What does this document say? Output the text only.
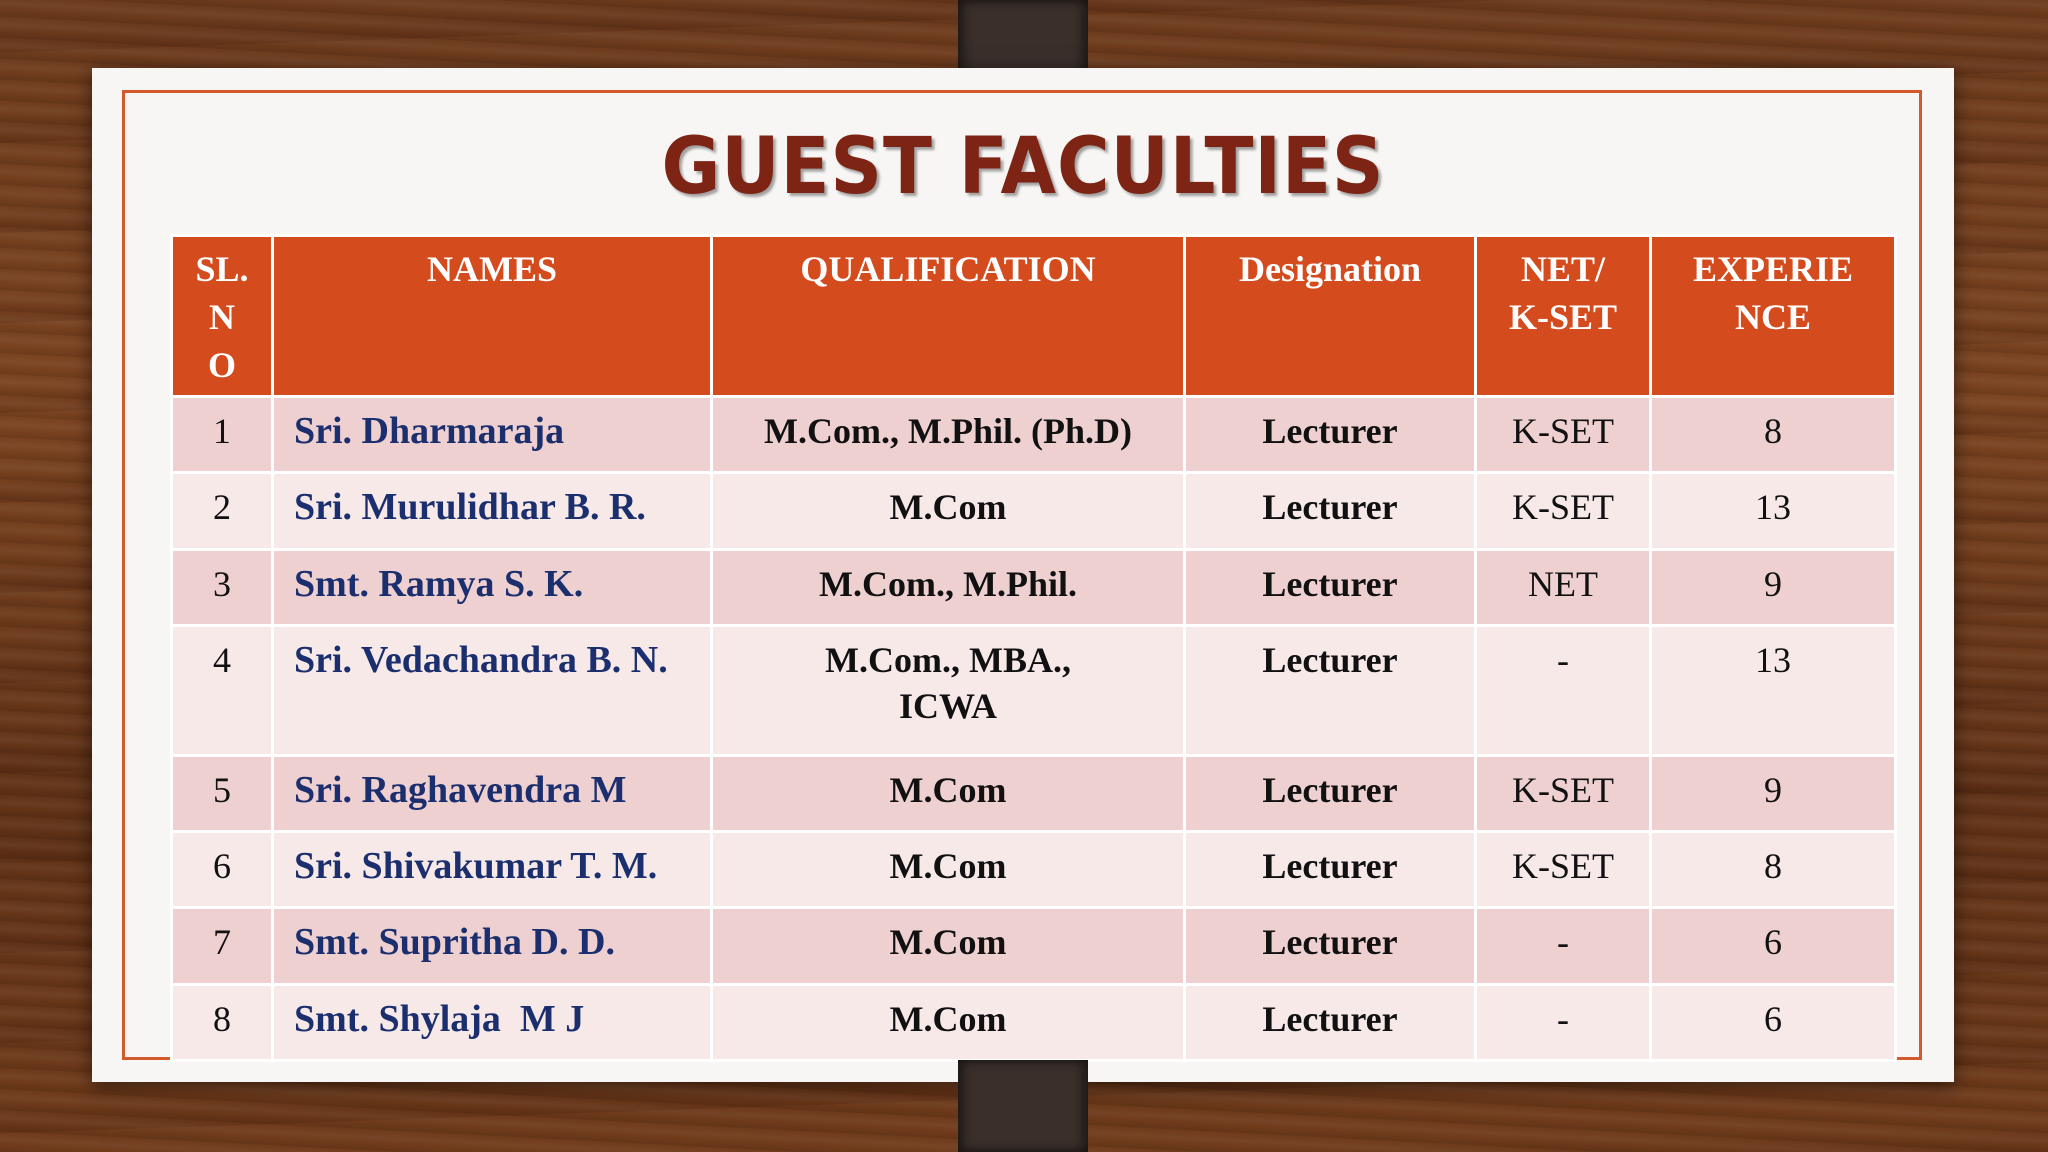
GUEST FACULTIES
SL.
N
O	NAMES	QUALIFICATION	Designation	NET/
K-SET	EXPERIE
NCE
1	Sri. Dharmaraja	M.Com., M.Phil. (Ph.D)	Lecturer	K-SET	8
2	Sri. Murulidhar B. R.	M.Com	Lecturer	K-SET	13
3	Smt. Ramya S. K.	M.Com., M.Phil.	Lecturer	NET	9
4	Sri. Vedachandra B. N.	M.Com., MBA.,
ICWA	Lecturer	-	13
5	Sri. Raghavendra M	M.Com	Lecturer	K-SET	9
6	Sri. Shivakumar T. M.	M.Com	Lecturer	K-SET	8
7	Smt. Supritha D. D.	M.Com	Lecturer	-	6
8	Smt. Shylaja  M J	M.Com	Lecturer	-	6
